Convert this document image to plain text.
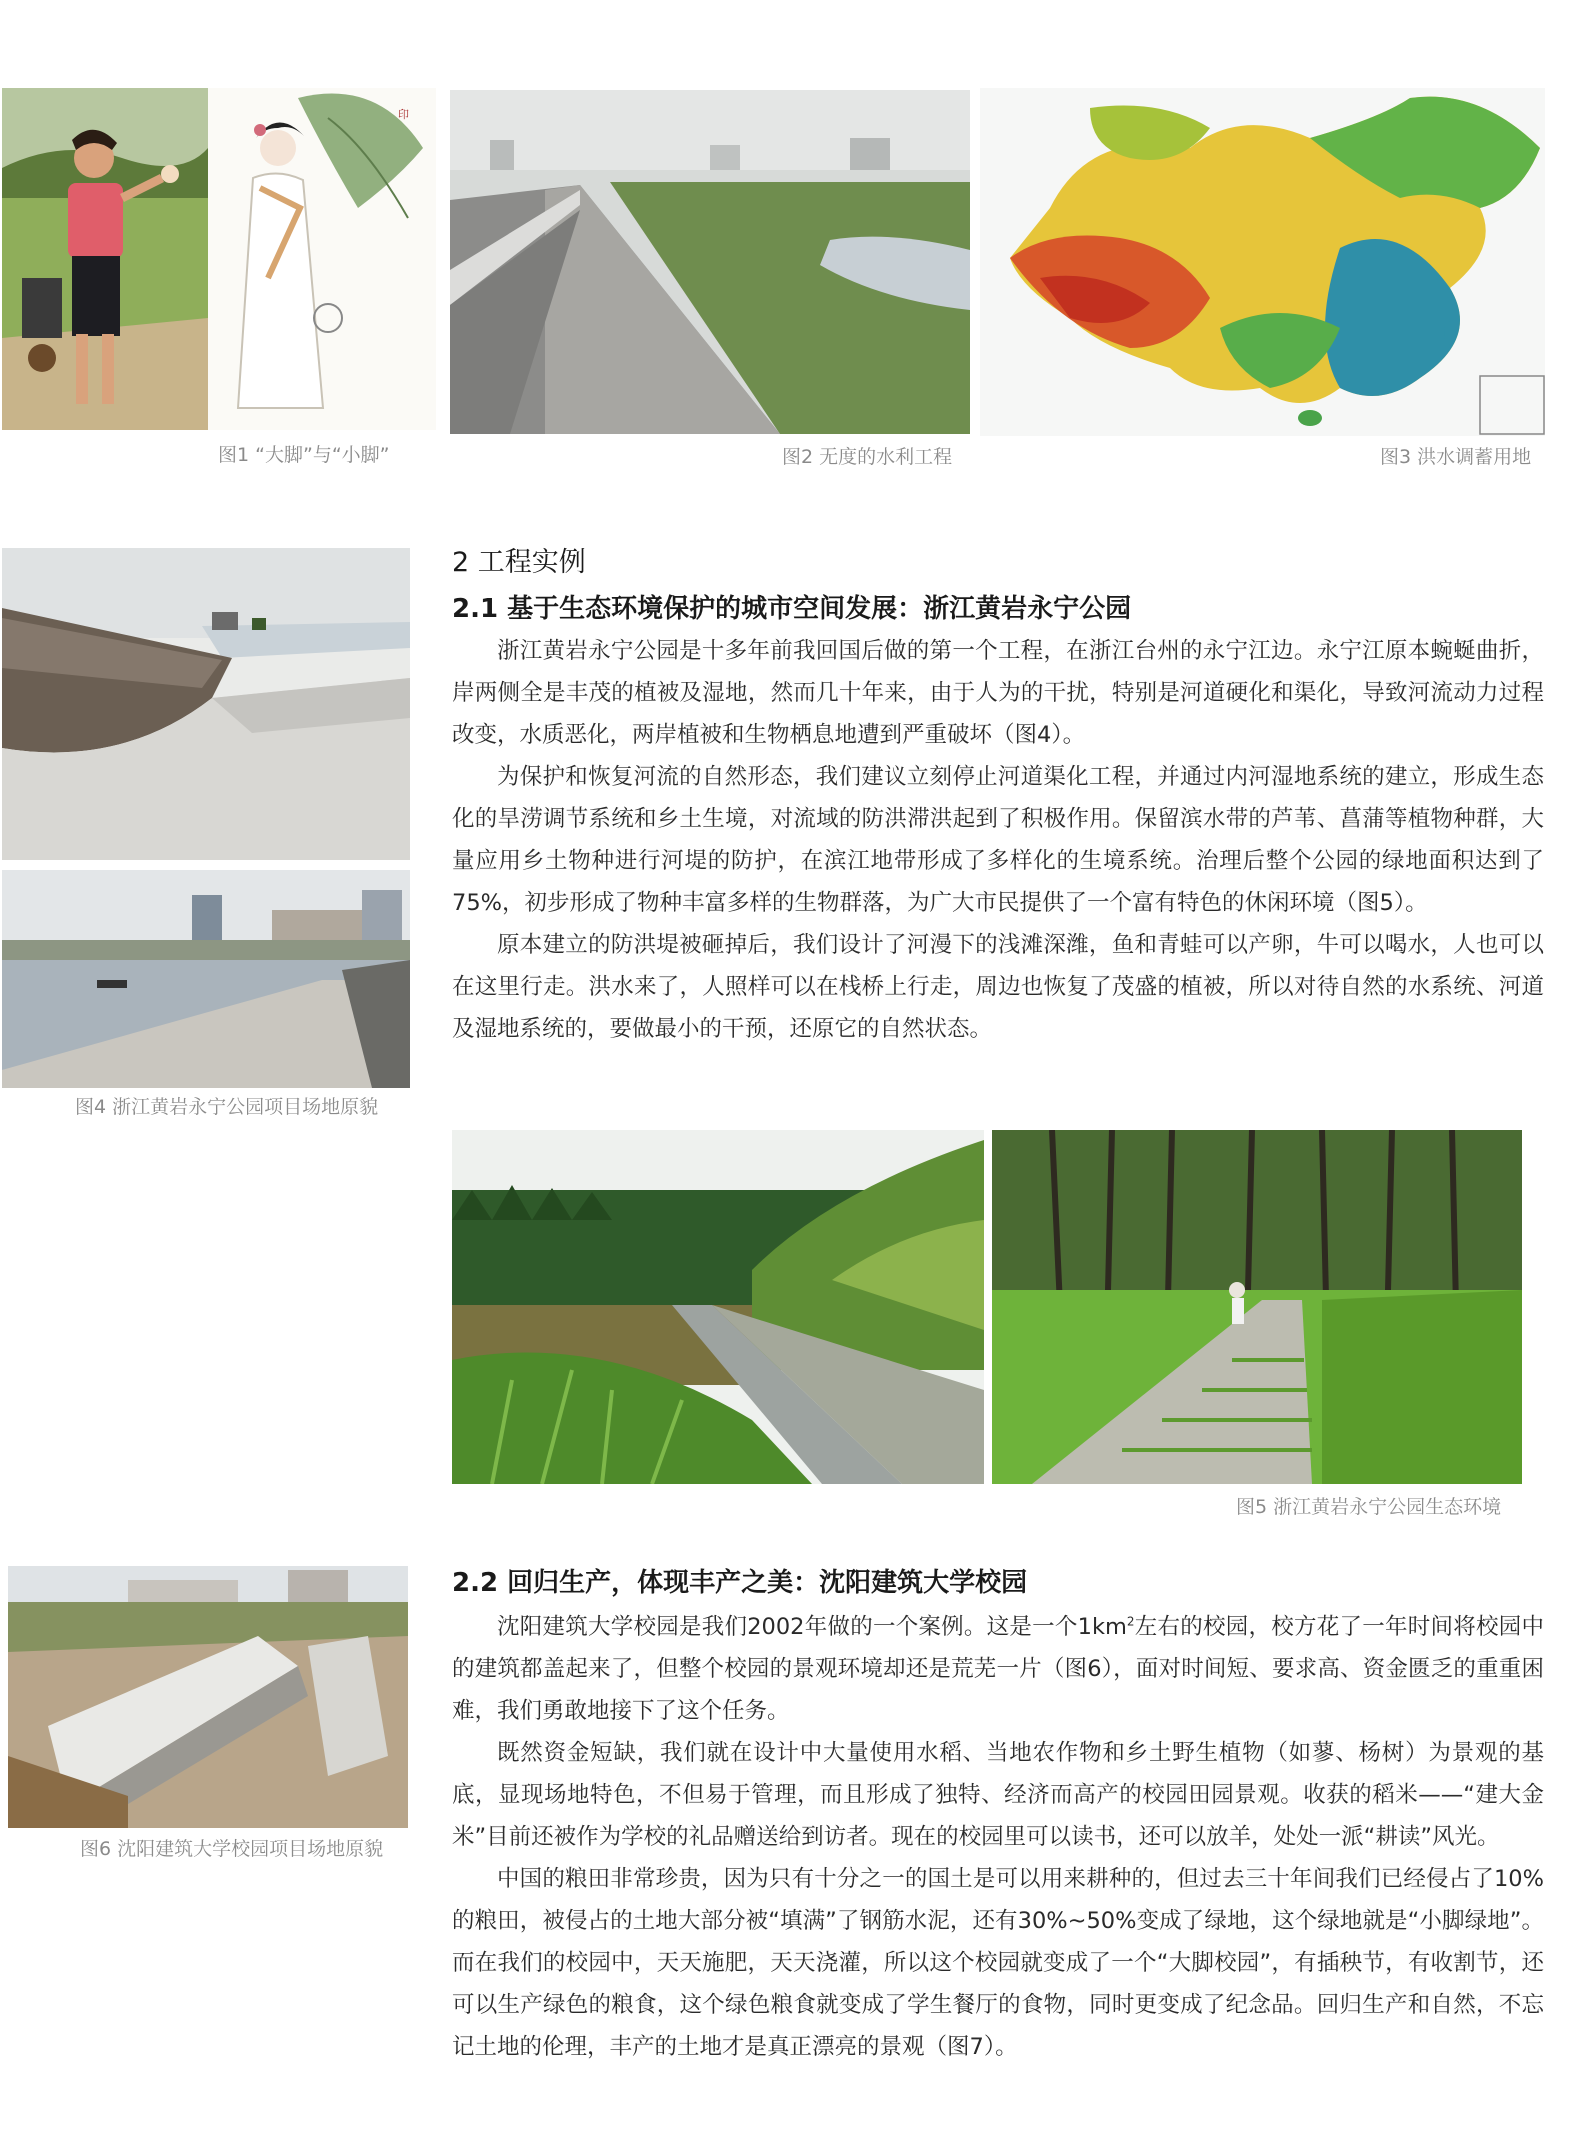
印
图1 “大脚”与“小脚”	图2 无度的水利工程	图3 洪水调蓄用地
图4 浙江黄岩永宁公园项目场地原貌
2 工程实例
2.1 基于生态环境保护的城市空间发展：浙江黄岩永宁公园

浙江黄岩永宁公园是十多年前我回国后做的第一个工程，在浙江台州的永宁江边。永宁江原本蜿蜒曲折，岸两侧全是丰茂的植被及湿地，然而几十年来，由于人为的干扰，特别是河道硬化和渠化，导致河流动力过程改变，水质恶化，两岸植被和生物栖息地遭到严重破坏（图4）。

为保护和恢复河流的自然形态，我们建议立刻停止河道渠化工程，并通过内河湿地系统的建立，形成生态化的旱涝调节系统和乡土生境，对流域的防洪滞洪起到了积极作用。保留滨水带的芦苇、菖蒲等植物种群，大量应用乡土物种进行河堤的防护，在滨江地带形成了多样化的生境系统。治理后整个公园的绿地面积达到了75%，初步形成了物种丰富多样的生物群落，为广大市民提供了一个富有特色的休闲环境（图5）。

原本建立的防洪堤被砸掉后，我们设计了河漫下的浅滩深潍，鱼和青蛙可以产卵，牛可以喝水，人也可以在这里行走。洪水来了，人照样可以在栈桥上行走，周边也恢复了茂盛的植被，所以对待自然的水系统、河道及湿地系统的，要做最小的干预，还原它的自然状态。

图5 浙江黄岩永宁公园生态环境
图6 沈阳建筑大学校园项目场地原貌
2.2 回归生产，体现丰产之美：沈阳建筑大学校园

沈阳建筑大学校园是我们2002年做的一个案例。这是一个$1km^2$左右的校园，校方花了一年时间将校园中的建筑都盖起来了，但整个校园的景观环境却还是荒芜一片（图6），面对时间短、要求高、资金匮乏的重重困难，我们勇敢地接下了这个任务。

既然资金短缺，我们就在设计中大量使用水稻、当地农作物和乡土野生植物（如蓼、杨树）为景观的基底，显现场地特色，不但易于管理，而且形成了独特、经济而高产的校园田园景观。收获的稻米——“建大金米”目前还被作为学校的礼品赠送给到访者。现在的校园里可以读书，还可以放羊，处处一派“耕读”风光。

中国的粮田非常珍贵，因为只有十分之一的国土是可以用来耕种的，但过去三十年间我们已经侵占了10%的粮田，被侵占的土地大部分被“填满”了钢筋水泥，还有30%~50%变成了绿地，这个绿地就是“小脚绿地”。而在我们的校园中，天天施肥，天天浇灌，所以这个校园就变成了一个“大脚校园”，有插秧节，有收割节，还可以生产绿色的粮食，这个绿色粮食就变成了学生餐厅的食物，同时更变成了纪念品。回归生产和自然，不忘记土地的伦理，丰产的土地才是真正漂亮的景观（图7）。
